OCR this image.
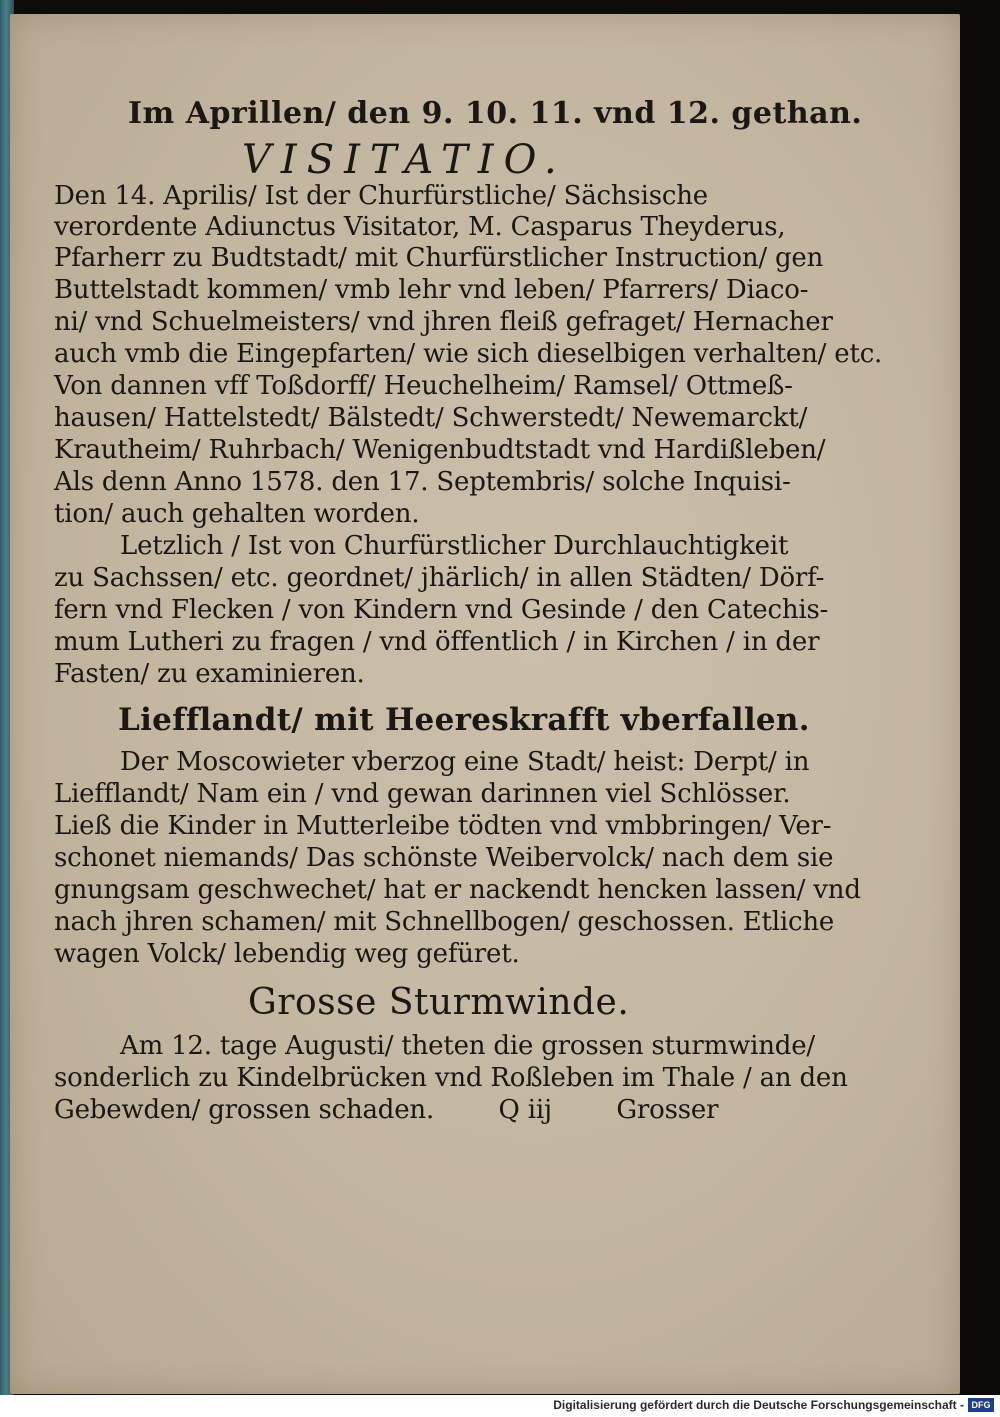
Im Aprillen/ den 9. 10. 11. vnd 12. gethan.
VISITATIO.
Den 14. Aprilis/ Ist der Churfürstliche/ Sächsische
verordente Adiunctus Visitator, M. Casparus Theyderus,
Pfarherr zu Budtstadt/ mit Churfürstlicher Instruction/ gen
Buttelstadt kommen/ vmb lehr vnd leben/ Pfarrers/ Diaco-
ni/ vnd Schuelmeisters/ vnd jhren fleiß gefraget/ Hernacher
auch vmb die Eingepfarten/ wie sich dieselbigen verhalten/ etc.
Von dannen vff Toßdorff/ Heuchelheim/ Ramsel/ Ottmeß-
hausen/ Hattelstedt/ Bälstedt/ Schwerstedt/ Newemarckt/
Krautheim/ Ruhrbach/ Wenigenbudtstadt vnd Hardißleben/
Als denn Anno 1578. den 17. Septembris/ solche Inquisi-
tion/ auch gehalten worden.
Letzlich / Ist von Churfürstlicher Durchlauchtigkeit
zu Sachssen/ etc. geordnet/ jhärlich/ in allen Städten/ Dörf-
fern vnd Flecken / von Kindern vnd Gesinde / den Catechis-
mum Lutheri zu fragen / vnd öffentlich / in Kirchen / in der
Fasten/ zu examinieren.
Liefflandt/ mit Heereskrafft vberfallen.
Der Moscowieter vberzog eine Stadt/ heist: Derpt/ in
Liefflandt/ Nam ein / vnd gewan darinnen viel Schlösser.
Ließ die Kinder in Mutterleibe tödten vnd vmbbringen/ Ver-
schonet niemands/ Das schönste Weibervolck/ nach dem sie
gnungsam geschwechet/ hat er nackendt hencken lassen/ vnd
nach jhren schamen/ mit Schnellbogen/ geschossen. Etliche
wagen Volck/ lebendig weg gefüret.
Grosse Sturmwinde.
Am 12. tage Augusti/ theten die grossen sturmwinde/
sonderlich zu Kindelbrücken vnd Roßleben im Thale / an den
Gebewden/ grossen schaden.        Q iij        Grosser
Digitalisierung gefördert durch die Deutsche Forschungsgemeinschaft - DFG
